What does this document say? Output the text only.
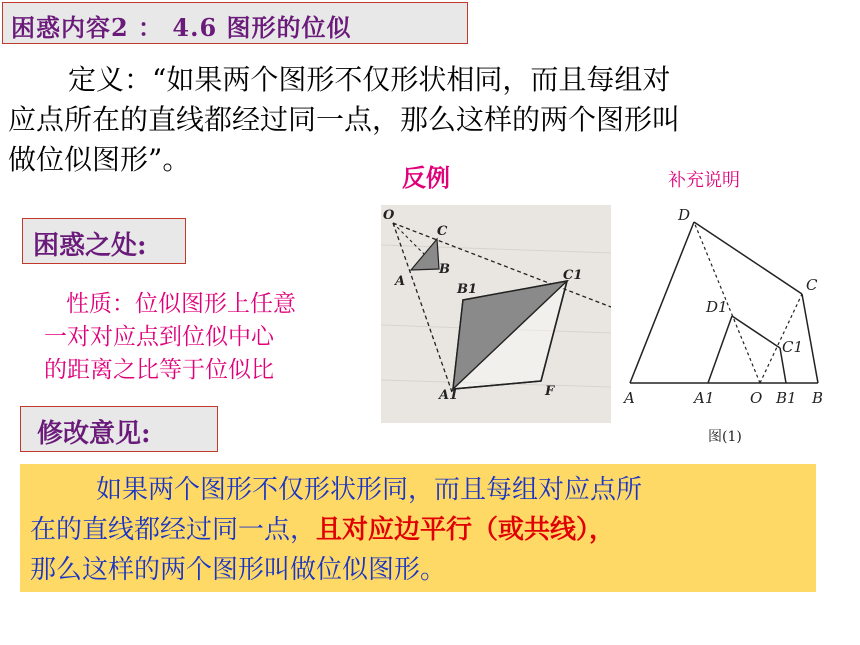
困惑内容2 ： 4.6 图形的位似
定义：“如果两个图形不仅形状相同，而且每组对
应点所在的直线都经过同一点，那么这样的两个图形叫
做位似图形”。
反例	补充说明
O
C
A
B
B1
C1
A1	F
D
C
D1
C1
A	A1 O B1 B
图(1)
困惑之处:
性质：位似图形上任意
一对对应点到位似中心
的距离之比等于位似比
修改意见:
如果两个图形不仅形状形同，而且每组对应点所
在的直线都经过同一点，且对应边平行（或共线），
那么这样的两个图形叫做位似图形。
